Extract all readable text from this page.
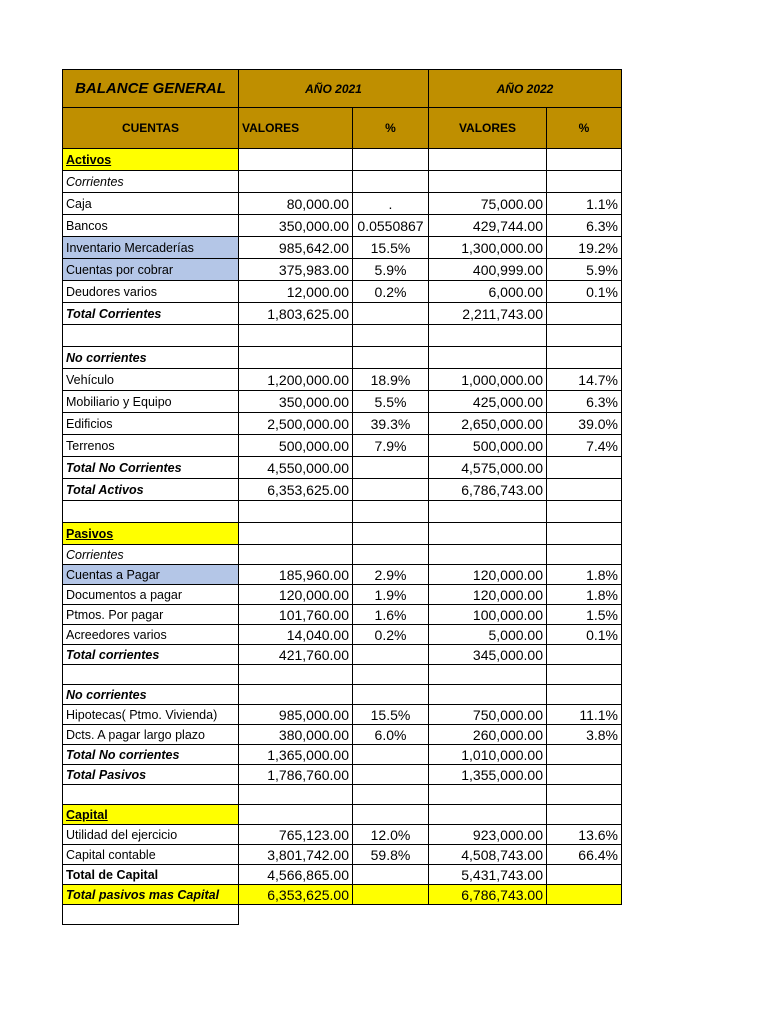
BALANCE GENERAL	AÑO 2021		AÑO 2022	
CUENTAS	VALORES	%	VALORES	%
Activos				
Corrientes				
Caja	80,000.00	.	75,000.00	1.1%
Bancos	350,000.00	0.0550867	429,744.00	6.3%
Inventario Mercaderías	985,642.00	15.5%	1,300,000.00	19.2%
Cuentas por cobrar	375,983.00	5.9%	400,999.00	5.9%
Deudores varios	12,000.00	0.2%	6,000.00	0.1%
Total Corrientes	1,803,625.00		2,211,743.00	

No corrientes				
Vehículo	1,200,000.00	18.9%	1,000,000.00	14.7%
Mobiliario y Equipo	350,000.00	5.5%	425,000.00	6.3%
Edificios	2,500,000.00	39.3%	2,650,000.00	39.0%
Terrenos	500,000.00	7.9%	500,000.00	7.4%
Total No Corrientes	4,550,000.00		4,575,000.00	
Total Activos	6,353,625.00		6,786,743.00	

Pasivos				
Corrientes				
Cuentas a Pagar	185,960.00	2.9%	120,000.00	1.8%
Documentos a pagar	120,000.00	1.9%	120,000.00	1.8%
Ptmos. Por pagar	101,760.00	1.6%	100,000.00	1.5%
Acreedores varios	14,040.00	0.2%	5,000.00	0.1%
Total corrientes	421,760.00		345,000.00	

No corrientes				
Hipotecas( Ptmo. Vivienda)	985,000.00	15.5%	750,000.00	11.1%
Dcts. A pagar largo plazo	380,000.00	6.0%	260,000.00	3.8%
Total No corrientes	1,365,000.00		1,010,000.00	
Total Pasivos	1,786,760.00		1,355,000.00	

Capital				
Utilidad del ejercicio	765,123.00	12.0%	923,000.00	13.6%
Capital contable	3,801,742.00	59.8%	4,508,743.00	66.4%
Total de Capital	4,566,865.00		5,431,743.00	
Total pasivos mas Capital	6,353,625.00		6,786,743.00	
